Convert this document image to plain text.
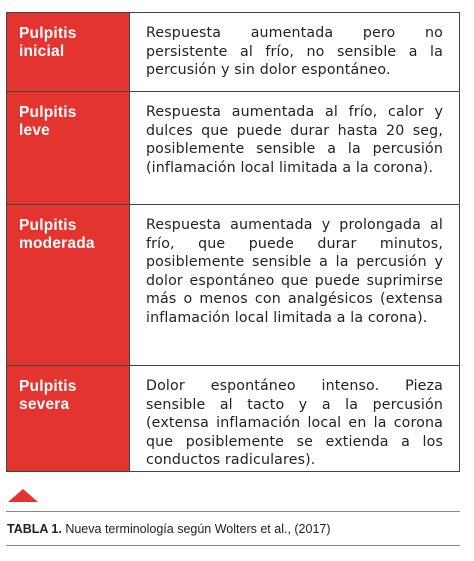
Pulpitis
inicial
Respuesta aumentada pero no persistente al frío, no sensible a la percusión y sin dolor espontáneo.
Pulpitis
leve
Respuesta aumentada al frío, calor y dulces que puede durar hasta 20 seg, posiblemente sensible a la percusión (inflamación local limitada a la corona).
Pulpitis
moderada
Respuesta aumentada y prolongada al frío, que puede durar minutos, posiblemente sensible a la percusión y dolor espontáneo que puede suprimirse más o menos con analgésicos (extensa inflamación local limitada a la corona).
Pulpitis
severa
Dolor espontáneo intenso. Pieza sensible al tacto y a la percusión (extensa inflamación local en la corona que posiblemente se extienda a los conductos radiculares).
TABLA 1. Nueva terminología según Wolters et al., (2017)
